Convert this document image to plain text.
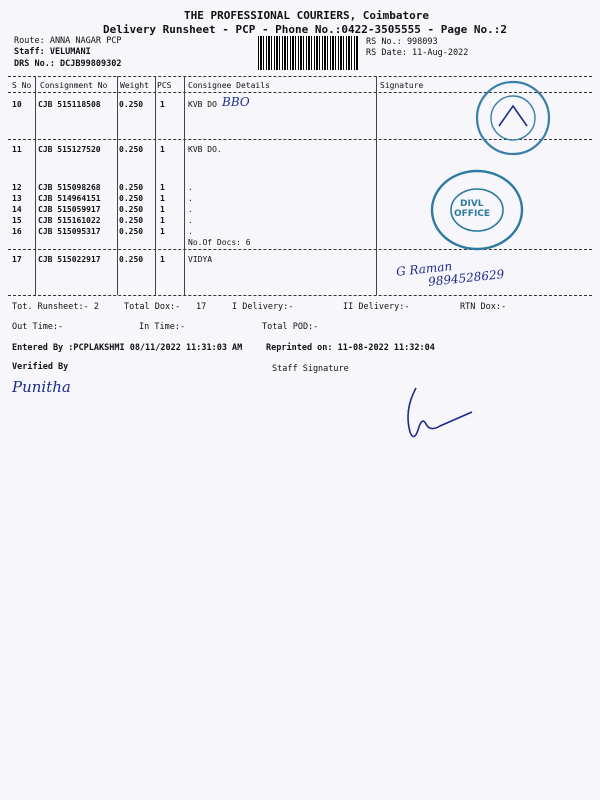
THE PROFESSIONAL COURIERS, Coimbatore
Delivery Runsheet - PCP - Phone No.:0422-3505555 - Page No.:2
Route: ANNA NAGAR PCP
Staff: VELUMANI
DRS No.: DCJB99809302
RS No.: 998093
RS Date: 11-Aug-2022
S No Consignment No Weight PCS Consignee Details	Signature
10 CJB 515118508 0.250 1	KVB DO BBO
11 CJB 515127520 0.250 1	KVB DO.
12 CJB 515098268 0.250 1	.
13 CJB 514964151 0.250 1	.
14 CJB 515059917 0.250 1	.
15 CJB 515161022 0.250 1	.
16 CJB 515095317 0.250 1	.
No.Of Docs: 6
17 CJB 515022917 0.250 1	VIDYA	G Raman
9894528629
DIVL
OFFICE
Tot. Runsheet:- 2	Total Dox:- 17	I Delivery:-	II Delivery:-	RTN Dox:-
Out Time:-	In Time:-	Total POD:-
Entered By :PCPLAKSHMI 08/11/2022 11:31:03 AM	Reprinted on: 11-08-2022 11:32:04
Verified By	Staff Signature
Punitha
